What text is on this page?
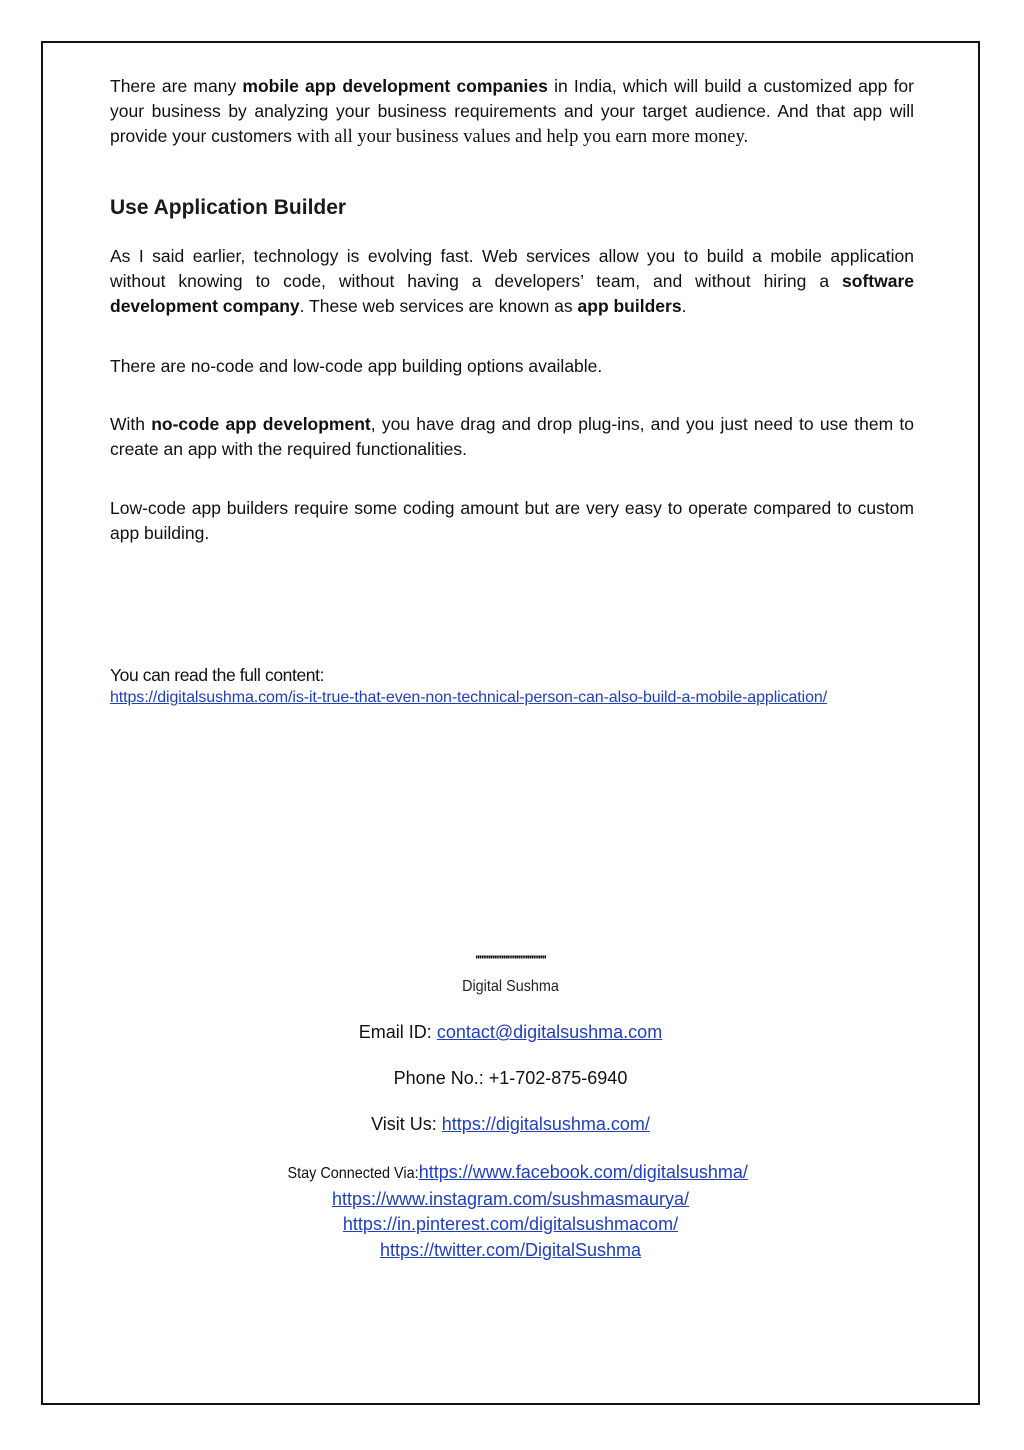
There are many mobile app development companies in India, which will build a customized app for your business by analyzing your business requirements and your target audience. And that app will provide your customers with all your business values and help you earn more money.

Use Application Builder

As I said earlier, technology is evolving fast. Web services allow you to build a mobile application without knowing to code, without having a developers’ team, and without hiring a software development company. These web services are known as app builders.

There are no-code and low-code app building options available.

With no-code app development, you have drag and drop plug-ins, and you just need to use them to create an app with the required functionalities.

Low-code app builders require some coding amount but are very easy to operate compared to custom app building.

You can read the full content:
https://digitalsushma.com/is-it-true-that-even-non-technical-person-can-also-build-a-mobile-application/
''''''''''''''''''''''''''''''''''''''
Digital Sushma
Email ID: contact@digitalsushma.com
Phone No.: +1-702-875-6940
Visit Us: https://digitalsushma.com/
Stay Connected Via:https://www.facebook.com/digitalsushma/
https://www.instagram.com/sushmasmaurya/
https://in.pinterest.com/digitalsushmacom/
https://twitter.com/DigitalSushma
